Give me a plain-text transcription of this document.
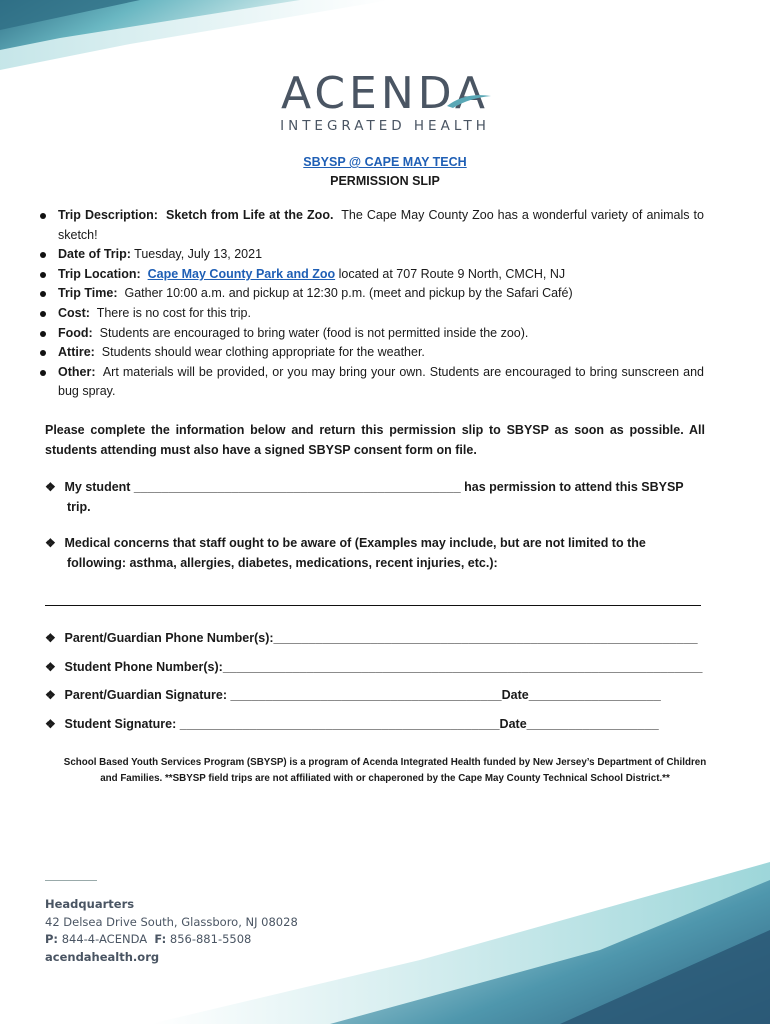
ACENDA
INTEGRATED HEALTH
SBYSP @ CAPE MAY TECH
PERMISSION SLIP
Trip Description: Sketch from Life at the Zoo. The Cape May County Zoo has a wonderful variety of animals to sketch!
Date of Trip: Tuesday, July 13, 2021
Trip Location: Cape May County Park and Zoo located at 707 Route 9 North, CMCH, NJ
Trip Time: Gather 10:00 a.m. and pickup at 12:30 p.m. (meet and pickup by the Safari Café)
Cost: There is no cost for this trip.
Food: Students are encouraged to bring water (food is not permitted inside the zoo).
Attire: Students should wear clothing appropriate for the weather.
Other: Art materials will be provided, or you may bring your own. Students are encouraged to bring sunscreen and bug spray.
Please complete the information below and return this permission slip to SBYSP as soon as possible. All students attending must also have a signed SBYSP consent form on file.
❖ My student _______________________________________________ has permission to attend this SBYSP
trip.
❖ Medical concerns that staff ought to be aware of (Examples may include, but are not limited to the
following: asthma, allergies, diabetes, medications, recent injuries, etc.):
❖ Parent/Guardian Phone Number(s):_____________________________________________________________
❖ Student Phone Number(s):_____________________________________________________________________
❖ Parent/Guardian Signature: _______________________________________Date___________________
❖ Student Signature: ______________________________________________Date___________________
School Based Youth Services Program (SBYSP) is a program of Acenda Integrated Health funded by New Jersey’s Department of Children
and Families. **SBYSP field trips are not affiliated with or chaperoned by the Cape May County Technical School District.**
Headquarters
42 Delsea Drive South, Glassboro, NJ 08028
P: 844-4-ACENDA F: 856-881-5508
acendahealth.org
